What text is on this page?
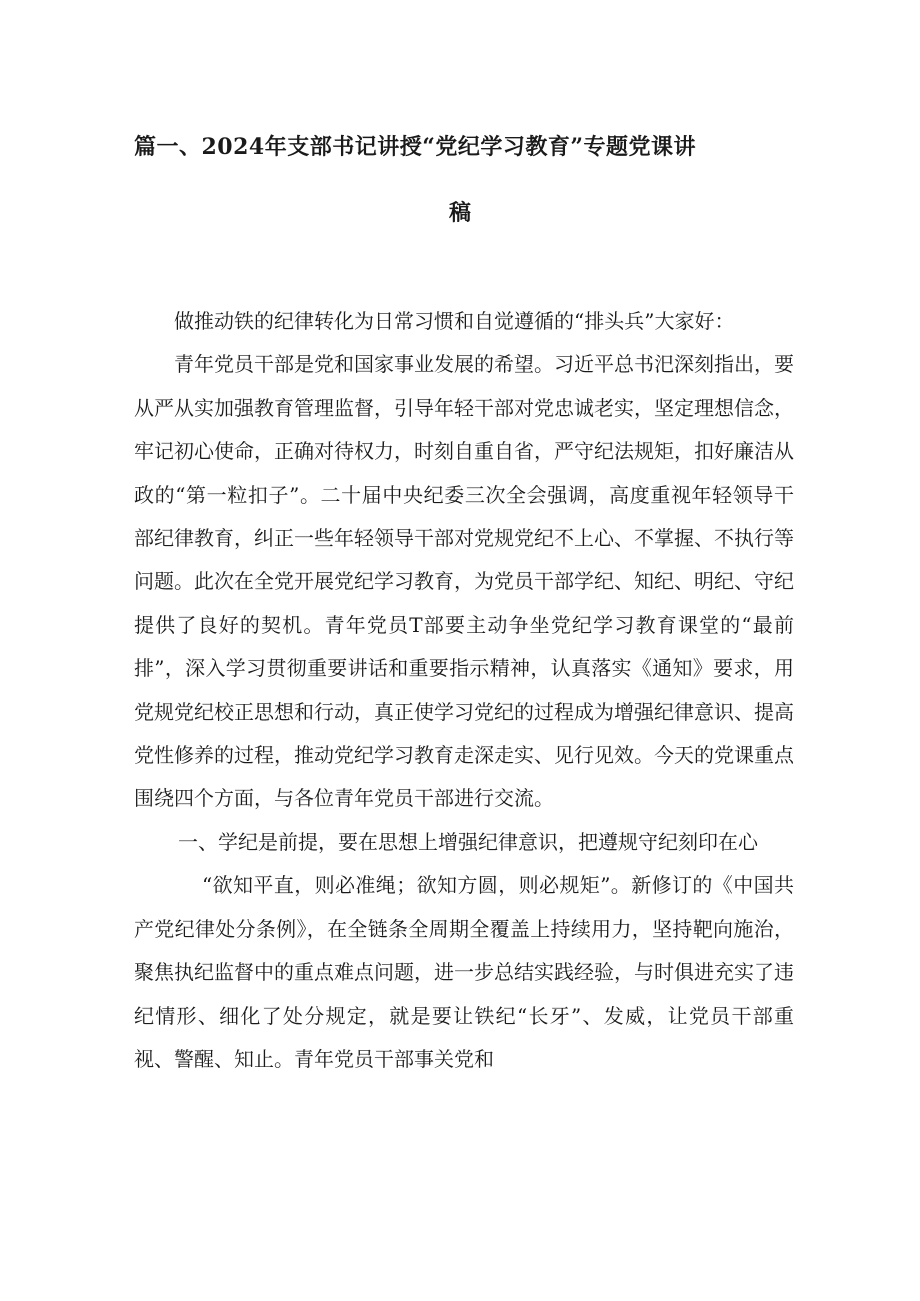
篇一、2024年支部书记讲授“党纪学习教育”专题党课讲
稿

做推动铁的纪律转化为日常习惯和自觉遵循的“排头兵”大家好：

青年党员干部是党和国家事业发展的希望。习近平总书汜深刻指出，要从严从实加强教育管理监督，引导年轻干部对党忠诚老实，坚定理想信念，牢记初心使命，正确对待权力，时刻自重自省，严守纪法规矩，扣好廉洁从政的“第一粒扣子”。二十届中央纪委三次全会强调，高度重视年轻领导干部纪律教育，纠正一些年轻领导干部对党规党纪不上心、不掌握、不执行等问题。此次在全党开展党纪学习教育，为党员干部学纪、知纪、明纪、守纪提供了良好的契机。青年党员T部要主动争坐党纪学习教育课堂的“最前排”，深入学习贯彻重要讲话和重要指示精神，认真落实《通知》要求，用党规党纪校正思想和行动，真正使学习党纪的过程成为增强纪律意识、提高党性修养的过程，推动党纪学习教育走深走实、见行见效。今天的党课重点围绕四个方面，与各位青年党员干部进行交流。

一、学纪是前提，要在思想上增强纪律意识，把遵规守纪刻印在心

“欲知平直，则必准绳；欲知方圆，则必规矩”。新修订的《中国共产党纪律处分条例》，在全链条全周期全覆盖上持续用力，坚持靶向施治，聚焦执纪监督中的重点难点问题，进一步总结实践经验，与时俱进充实了违纪情形、细化了处分规定，就是要让铁纪“长牙”、发威，让党员干部重视、警醒、知止。青年党员干部事关党和
